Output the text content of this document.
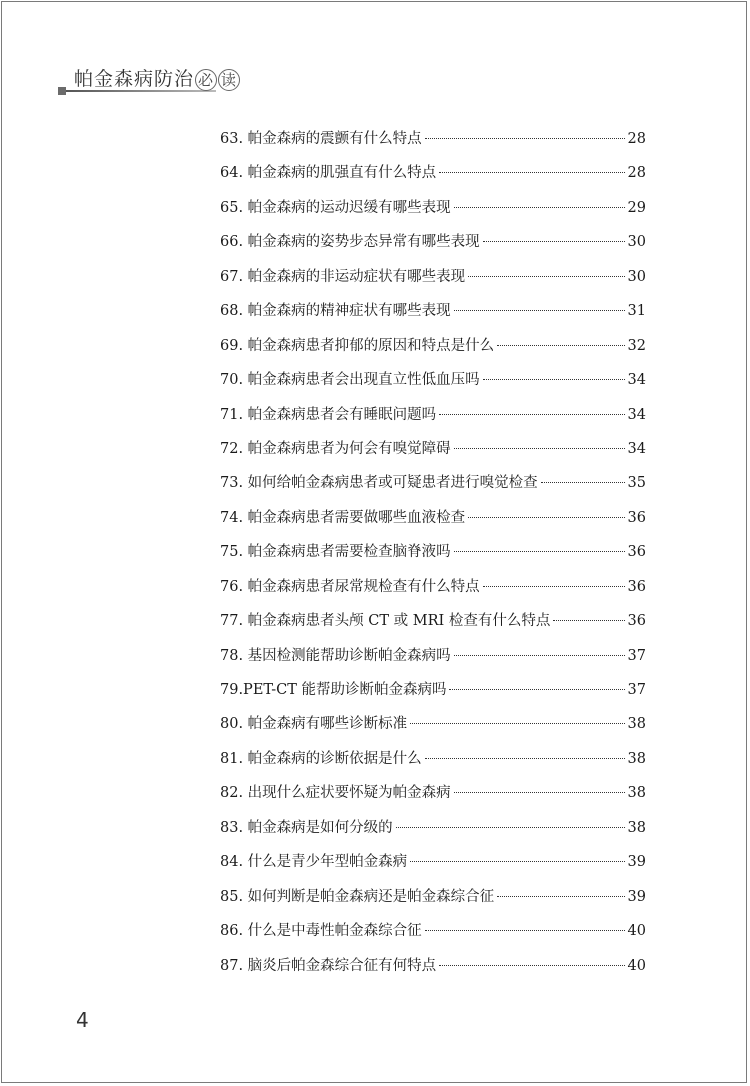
帕金森病防治 必 读
63. 帕金森病的震颤有什么特点	28
64. 帕金森病的肌强直有什么特点	28
65. 帕金森病的运动迟缓有哪些表现	29
66. 帕金森病的姿势步态异常有哪些表现	30
67. 帕金森病的非运动症状有哪些表现	30
68. 帕金森病的精神症状有哪些表现	31
69. 帕金森病患者抑郁的原因和特点是什么	32
70. 帕金森病患者会出现直立性低血压吗	34
71. 帕金森病患者会有睡眠问题吗	34
72. 帕金森病患者为何会有嗅觉障碍	34
73. 如何给帕金森病患者或可疑患者进行嗅觉检查	35
74. 帕金森病患者需要做哪些血液检查	36
75. 帕金森病患者需要检查脑脊液吗	36
76. 帕金森病患者尿常规检查有什么特点	36
77. 帕金森病患者头颅 CT 或 MRI 检查有什么特点	36
78. 基因检测能帮助诊断帕金森病吗	37
79.PET-CT 能帮助诊断帕金森病吗	37
80. 帕金森病有哪些诊断标准	38
81. 帕金森病的诊断依据是什么	38
82. 出现什么症状要怀疑为帕金森病	38
83. 帕金森病是如何分级的	38
84. 什么是青少年型帕金森病	39
85. 如何判断是帕金森病还是帕金森综合征	39
86. 什么是中毒性帕金森综合征	40
87. 脑炎后帕金森综合征有何特点	40
4
